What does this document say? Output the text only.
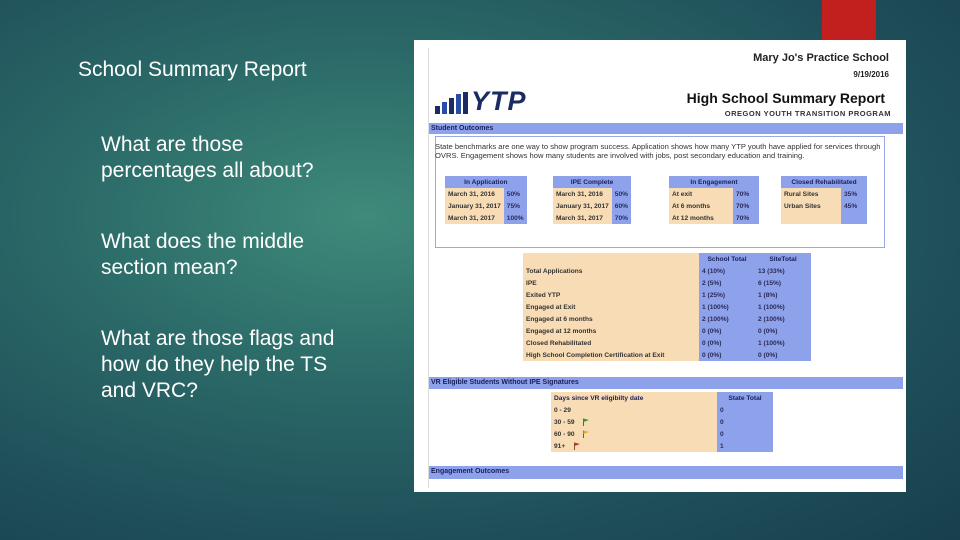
School Summary Report
What are those percentages all about?
What does the middle section mean?
What are those flags and how do they help the TS and VRC?
Mary Jo's Practice School
9/19/2016
YTP	High School Summary Report
OREGON YOUTH TRANSITION PROGRAM
Student Outcomes
State benchmarks are one way to show program success. Application shows how many YTP youth have applied for services through OVRS. Engagement shows how many students are involved with jobs, post secondary education and training.
In Application	
March 31, 2016	50%
January 31, 2017	75%
March 31, 2017	100%
IPE Complete	
March 31, 2016	50%
January 31, 2017	60%
March 31, 2017	70%
In Engagement	
At exit	70%
At 6 months	70%
At 12 months	70%
Closed Rehabilitated	
Rural Sites	35%
Urban Sites	45%

	School Total	SiteTotal
Total Applications	4 (10%)	13 (33%)
IPE	2 (5%)	6 (15%)
Exited YTP	1 (25%)	1 (8%)
Engaged at Exit	1 (100%)	1 (100%)
Engaged at 6 months	2 (100%)	2 (100%)
Engaged at 12 months	0 (0%)	0 (0%)
Closed Rehabilitated	0 (0%)	1 (100%)
High School Completion Certification at Exit	0 (0%)	0 (0%)
VR Eligible Students Without IPE Signatures
Days since VR eligibilty date	State Total
0 - 29	0
30 - 59	0
60 - 90	0
91+	1
Engagement Outcomes
